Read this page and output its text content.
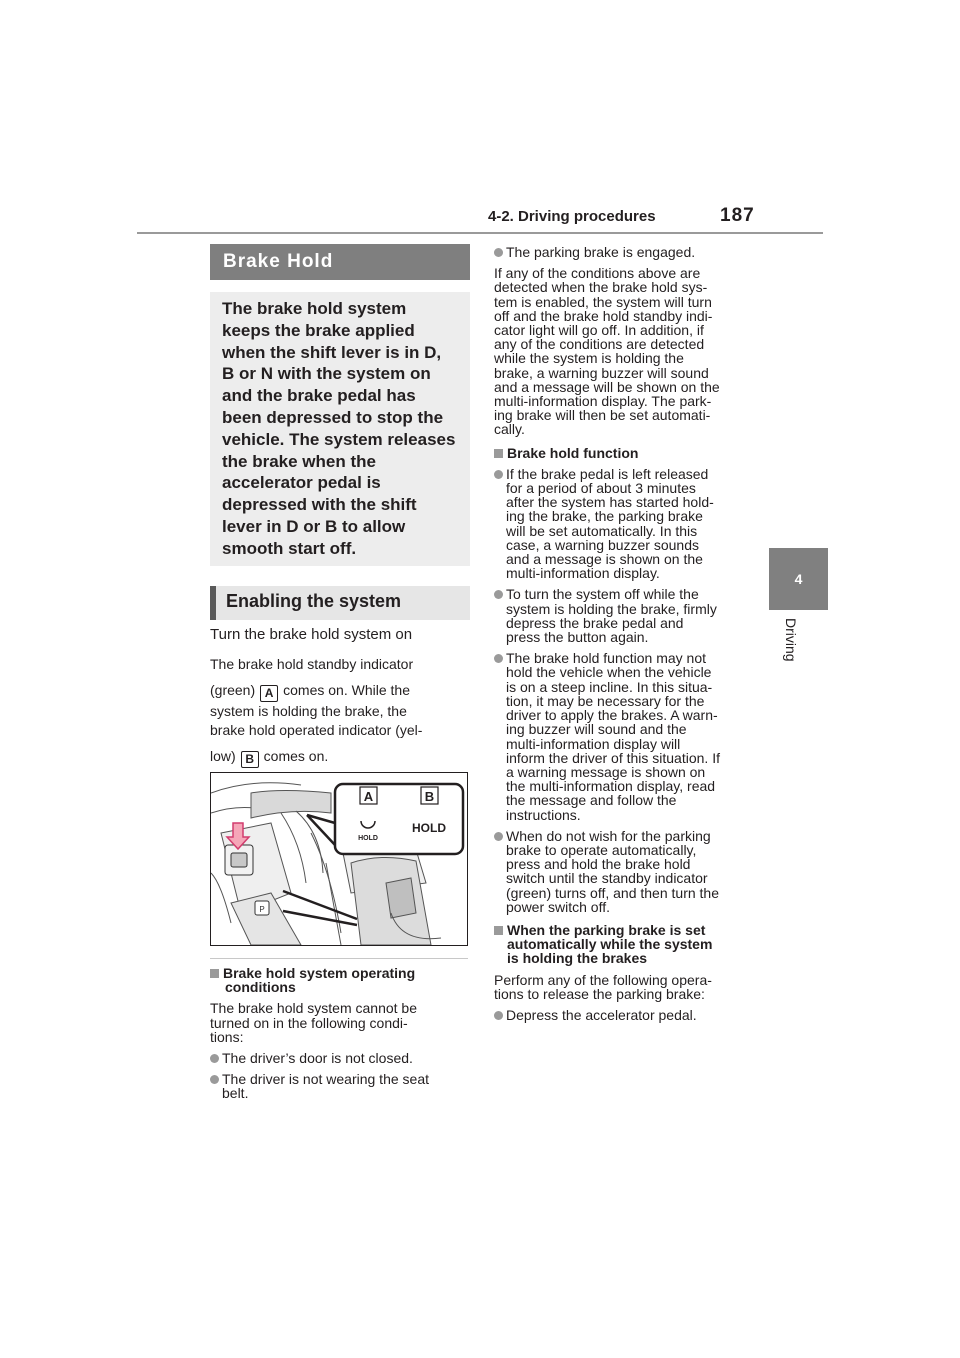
4-2. Driving procedures	187
4
Driving
Brake Hold
The brake hold system keeps the brake applied when the shift lever is in D, B or N with the system on and the brake pedal has been depressed to stop the vehicle. The system releases the brake when the accelerator pedal is depressed with the shift lever in D or B to allow smooth start off.
Enabling the system
Turn the brake hold system on
The brake hold standby indicator
(green) A comes on. While the
system is holding the brake, the
brake hold operated indicator (yel-
low) B comes on.
P
A	B
HOLD
HOLD
Brake hold system operating
conditions
The brake hold system cannot be
turned on in the following condi-
tions:
The driver’s door is not closed.
The driver is not wearing the seat
belt.
The parking brake is engaged.
If any of the conditions above are
detected when the brake hold sys-
tem is enabled, the system will turn
off and the brake hold standby indi-
cator light will go off. In addition, if
any of the conditions are detected
while the system is holding the
brake, a warning buzzer will sound
and a message will be shown on the
multi-information display. The park-
ing brake will then be set automati-
cally.
Brake hold function
If the brake pedal is left released
for a period of about 3 minutes
after the system has started hold-
ing the brake, the parking brake
will be set automatically. In this
case, a warning buzzer sounds
and a message is shown on the
multi-information display.
To turn the system off while the
system is holding the brake, firmly
depress the brake pedal and
press the button again.
The brake hold function may not
hold the vehicle when the vehicle
is on a steep incline. In this situa-
tion, it may be necessary for the
driver to apply the brakes. A warn-
ing buzzer will sound and the
multi-information display will
inform the driver of this situation. If
a warning message is shown on
the multi-information display, read
the message and follow the
instructions.
When do not wish for the parking
brake to operate automatically,
press and hold the brake hold
switch until the standby indicator
(green) turns off, and then turn the
power switch off.
When the parking brake is set
automatically while the system
is holding the brakes
Perform any of the following opera-
tions to release the parking brake:
Depress the accelerator pedal.
